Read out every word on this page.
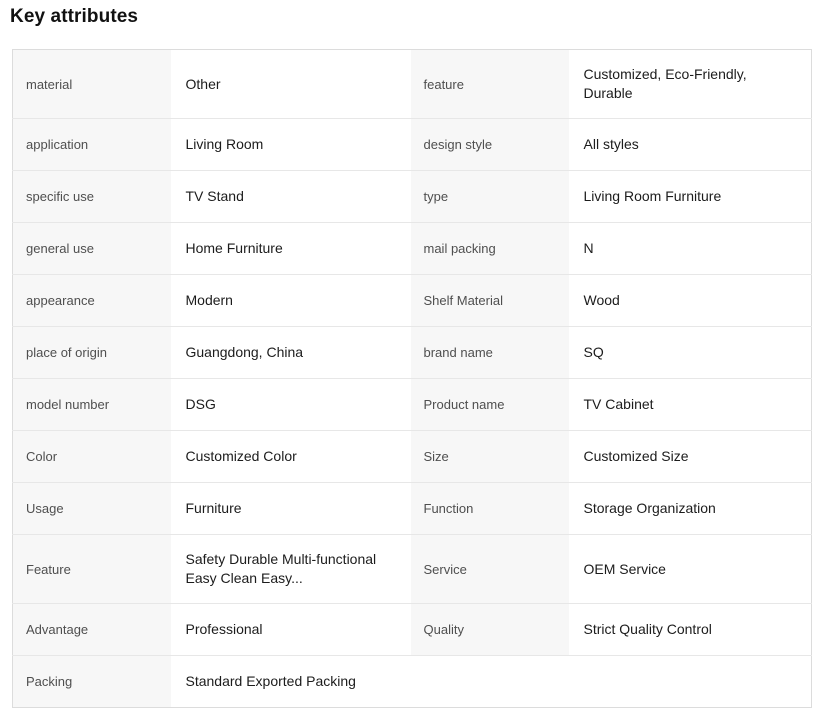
Key attributes
material	Other	feature	Customized, Eco-Friendly, Durable
application	Living Room	design style	All styles
specific use	TV Stand	type	Living Room Furniture
general use	Home Furniture	mail packing	N
appearance	Modern	Shelf Material	Wood
place of origin	Guangdong, China	brand name	SQ
model number	DSG	Product name	TV Cabinet
Color	Customized Color	Size	Customized Size
Usage	Furniture	Function	Storage Organization
Feature	Safety Durable Multi-functional Easy Clean Easy...	Service	OEM Service
Advantage	Professional	Quality	Strict Quality Control
Packing	Standard Exported Packing		
